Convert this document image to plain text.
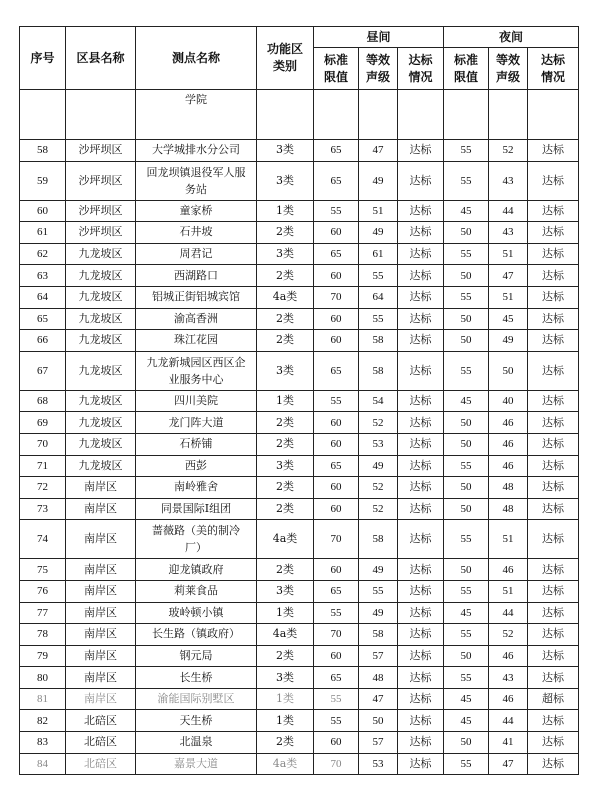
序号	区县名称	测点名称	功能区类别	昼间			夜间		

				标准限值	等效声级	达标情况	标准限值	等效声级	达标情况

		学院							
58	沙坪坝区	大学城排水分公司	3类	65	47	达标	55	52	达标
59	沙坪坝区	回龙坝镇退役军人服务站	3类	65	49	达标	55	43	达标
60	沙坪坝区	童家桥	1类	55	51	达标	45	44	达标
61	沙坪坝区	石井坡	2类	60	49	达标	50	43	达标
62	九龙坡区	周君记	3类	65	61	达标	55	51	达标
63	九龙坡区	西湖路口	2类	60	55	达标	50	47	达标
64	九龙坡区	铝城正街铝城宾馆	4a类	70	64	达标	55	51	达标
65	九龙坡区	渝高香洲	2类	60	55	达标	50	45	达标
66	九龙坡区	珠江花园	2类	60	58	达标	50	49	达标
67	九龙坡区	九龙新城园区西区企业服务中心	3类	65	58	达标	55	50	达标
68	九龙坡区	四川美院	1类	55	54	达标	45	40	达标
69	九龙坡区	龙门阵大道	2类	60	52	达标	50	46	达标
70	九龙坡区	石桥铺	2类	60	53	达标	50	46	达标
71	九龙坡区	西彭	3类	65	49	达标	55	46	达标
72	南岸区	南岭雅舍	2类	60	52	达标	50	48	达标
73	南岸区	同景国际I组团	2类	60	52	达标	50	48	达标
74	南岸区	蔷薇路（美的制冷厂）	4a类	70	58	达标	55	51	达标
75	南岸区	迎龙镇政府	2类	60	49	达标	50	46	达标
76	南岸区	莉莱食品	3类	65	55	达标	55	51	达标
77	南岸区	玻岭顿小镇	1类	55	49	达标	45	44	达标
78	南岸区	长生路（镇政府）	4a类	70	58	达标	55	52	达标
79	南岸区	钢元局	2类	60	57	达标	50	46	达标
80	南岸区	长生桥	3类	65	48	达标	55	43	达标
81	南岸区	渝能国际别墅区	1类	55	47	达标	45	46	超标
82	北碚区	天生桥	1类	55	50	达标	45	44	达标
83	北碚区	北温泉	2类	60	57	达标	50	41	达标
84	北碚区	嘉景大道	4a类	70	53	达标	55	47	达标
